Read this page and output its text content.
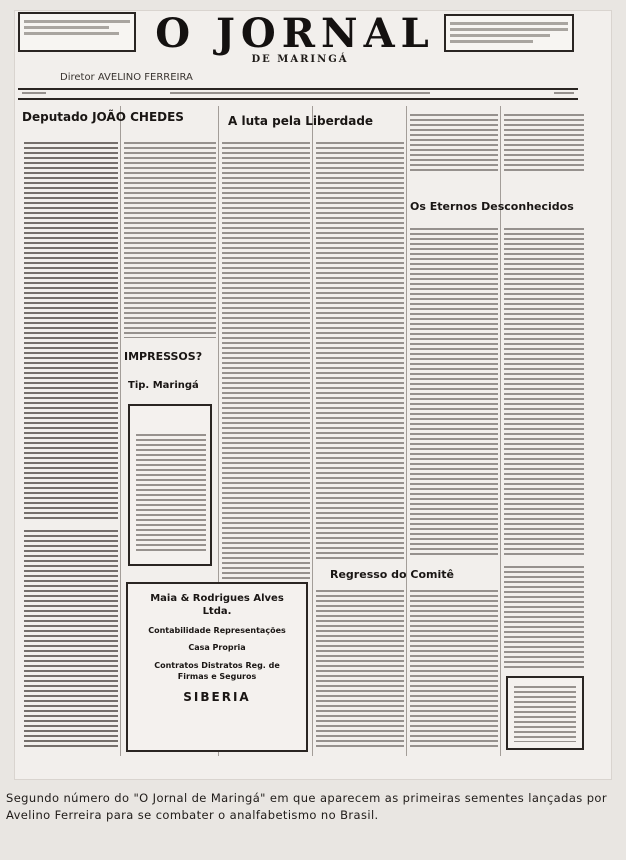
O JORNAL
DE MARINGÁ
Diretor AVELINO FERREIRA
Deputado JOÃO CHEDES
IMPRESSOS?
Tip. Maringá
A luta pela Liberdade
Os Eternos Desconhecidos
Regresso do Comitê
Maia & Rodrigues Alves Ltda.
Contabilidade Representações
Casa Propria
Contratos Distratos Reg. de Firmas e Seguros
SIBERIA
Segundo número do "O Jornal de Maringá" em que aparecem as primeiras sementes lançadas por Avelino Ferreira para se combater o analfabetismo no Brasil.
